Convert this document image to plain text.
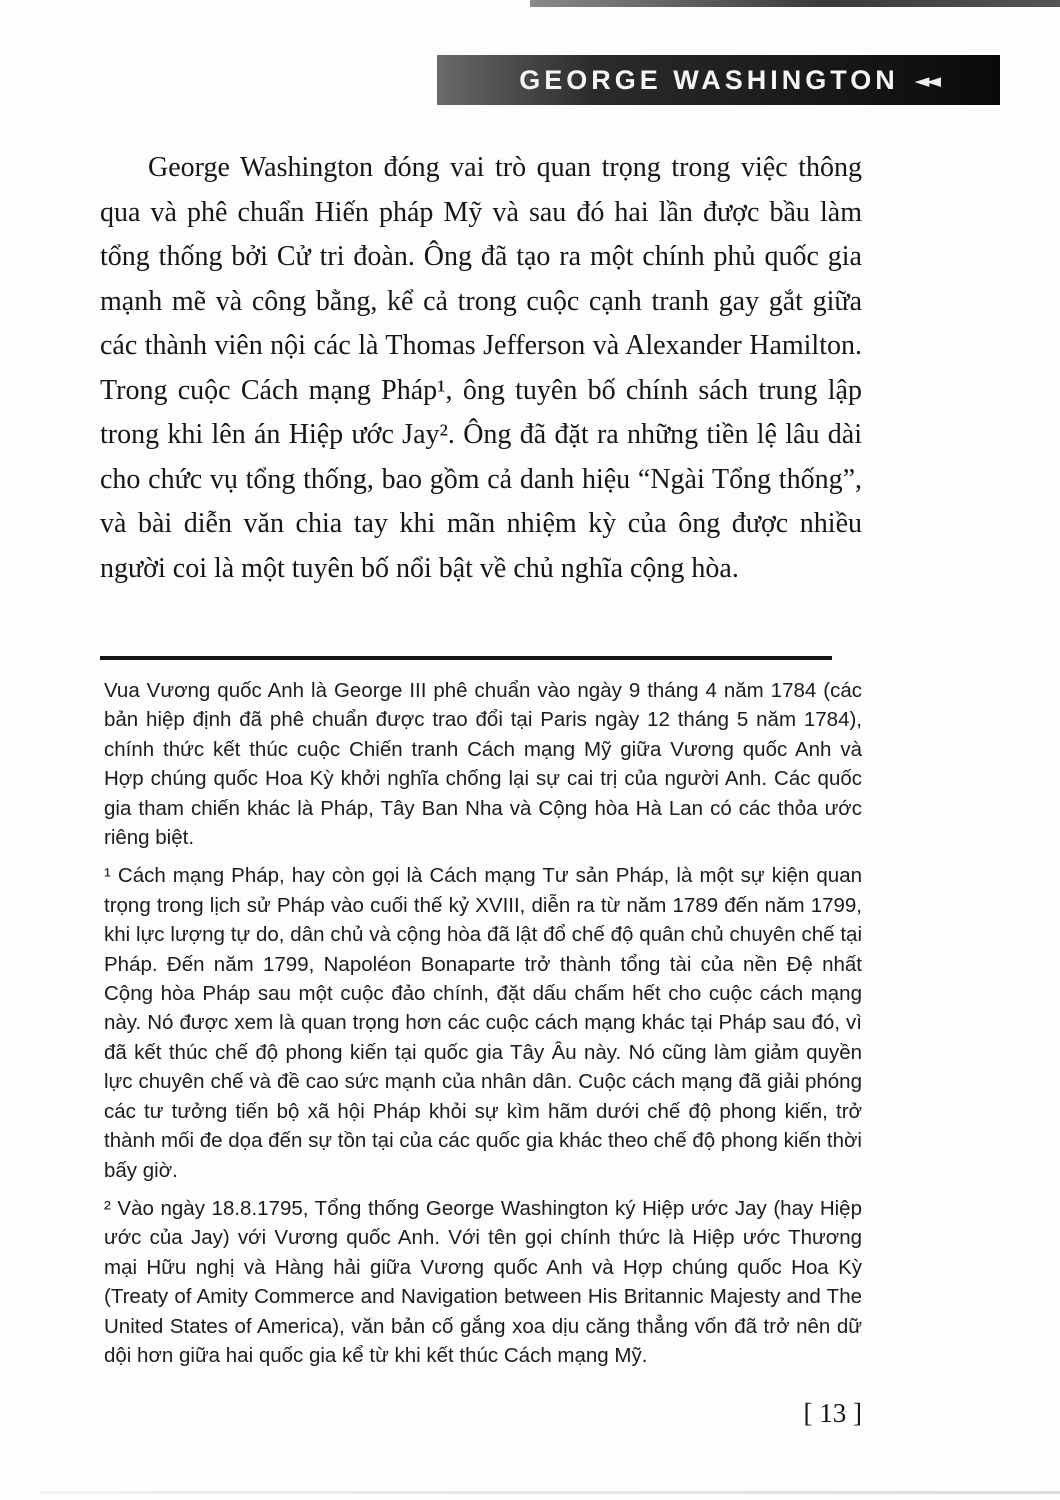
GEORGE WASHINGTON ◄◄
George Washington đóng vai trò quan trọng trong việc thông qua và phê chuẩn Hiến pháp Mỹ và sau đó hai lần được bầu làm tổng thống bởi Cử tri đoàn. Ông đã tạo ra một chính phủ quốc gia mạnh mẽ và công bằng, kể cả trong cuộc cạnh tranh gay gắt giữa các thành viên nội các là Thomas Jefferson và Alexander Hamilton. Trong cuộc Cách mạng Pháp¹, ông tuyên bố chính sách trung lập trong khi lên án Hiệp ước Jay². Ông đã đặt ra những tiền lệ lâu dài cho chức vụ tổng thống, bao gồm cả danh hiệu “Ngài Tổng thống”, và bài diễn văn chia tay khi mãn nhiệm kỳ của ông được nhiều người coi là một tuyên bố nổi bật về chủ nghĩa cộng hòa.

Vua Vương quốc Anh là George III phê chuẩn vào ngày 9 tháng 4 năm 1784 (các bản hiệp định đã phê chuẩn được trao đổi tại Paris ngày 12 tháng 5 năm 1784), chính thức kết thúc cuộc Chiến tranh Cách mạng Mỹ giữa Vương quốc Anh và Hợp chúng quốc Hoa Kỳ khởi nghĩa chống lại sự cai trị của người Anh. Các quốc gia tham chiến khác là Pháp, Tây Ban Nha và Cộng hòa Hà Lan có các thỏa ước riêng biệt.

¹ Cách mạng Pháp, hay còn gọi là Cách mạng Tư sản Pháp, là một sự kiện quan trọng trong lịch sử Pháp vào cuối thế kỷ XVIII, diễn ra từ năm 1789 đến năm 1799, khi lực lượng tự do, dân chủ và cộng hòa đã lật đổ chế độ quân chủ chuyên chế tại Pháp. Đến năm 1799, Napoléon Bonaparte trở thành tổng tài của nền Đệ nhất Cộng hòa Pháp sau một cuộc đảo chính, đặt dấu chấm hết cho cuộc cách mạng này. Nó được xem là quan trọng hơn các cuộc cách mạng khác tại Pháp sau đó, vì đã kết thúc chế độ phong kiến tại quốc gia Tây Âu này. Nó cũng làm giảm quyền lực chuyên chế và đề cao sức mạnh của nhân dân. Cuộc cách mạng đã giải phóng các tư tưởng tiến bộ xã hội Pháp khỏi sự kìm hãm dưới chế độ phong kiến, trở thành mối đe dọa đến sự tồn tại của các quốc gia khác theo chế độ phong kiến thời bấy giờ.

² Vào ngày 18.8.1795, Tổng thống George Washington ký Hiệp ước Jay (hay Hiệp ước của Jay) với Vương quốc Anh. Với tên gọi chính thức là Hiệp ước Thương mại Hữu nghị và Hàng hải giữa Vương quốc Anh và Hợp chúng quốc Hoa Kỳ (Treaty of Amity Commerce and Navigation between His Britannic Majesty and The United States of America), văn bản cố gắng xoa dịu căng thẳng vốn đã trở nên dữ dội hơn giữa hai quốc gia kể từ khi kết thúc Cách mạng Mỹ.

[ 13 ]
